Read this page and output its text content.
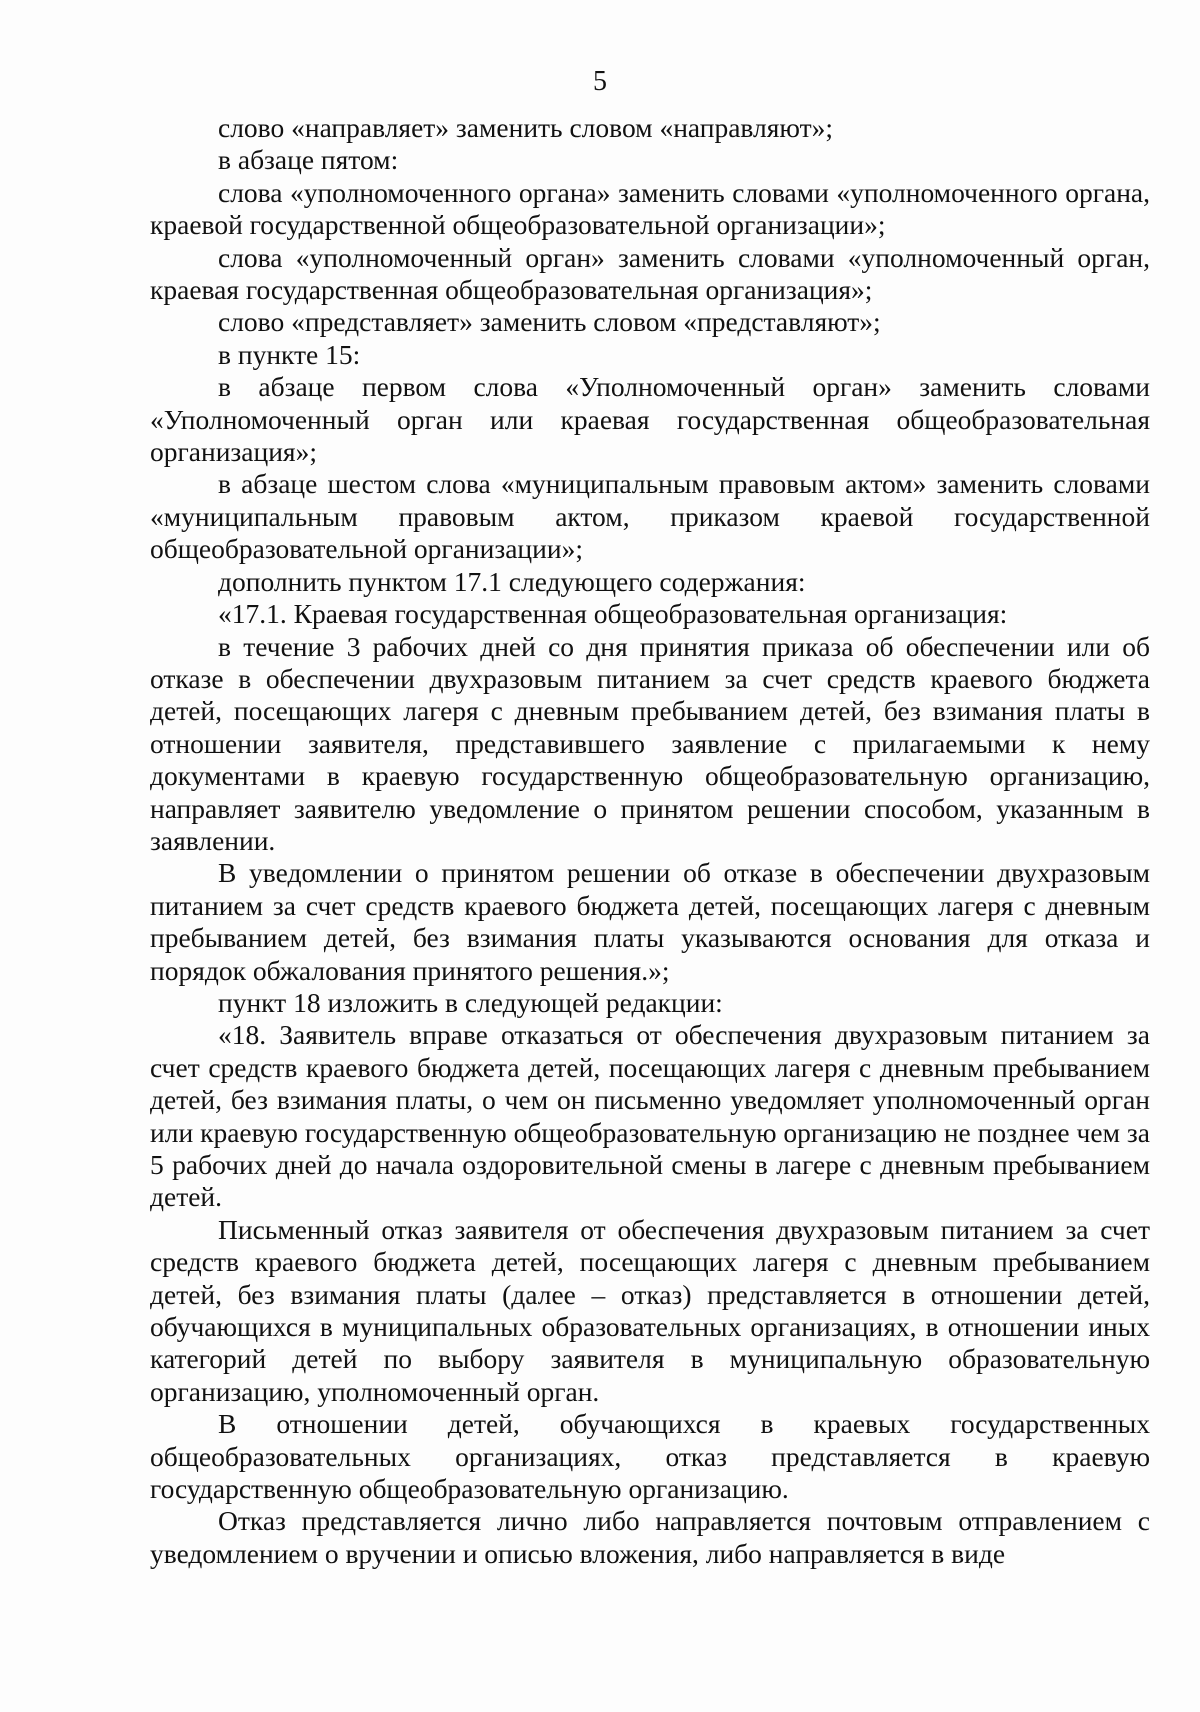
5

слово «направляет» заменить словом «направляют»;

в абзаце пятом:

слова «уполномоченного органа» заменить словами «уполномоченного органа, краевой государственной общеобразовательной организации»;

слова «уполномоченный орган» заменить словами «уполномоченный орган, краевая государственная общеобразовательная организация»;

слово «представляет» заменить словом «представляют»;

в пункте 15:

в абзаце первом слова «Уполномоченный орган» заменить словами «Уполномоченный орган или краевая государственная общеобразовательная организация»;

в абзаце шестом слова «муниципальным правовым актом» заменить словами «муниципальным правовым актом, приказом краевой государственной общеобразовательной организации»;

дополнить пунктом 17.1 следующего содержания:

«17.1. Краевая государственная общеобразовательная организация:

в течение 3 рабочих дней со дня принятия приказа об обеспечении или об отказе в обеспечении двухразовым питанием за счет средств краевого бюджета детей, посещающих лагеря с дневным пребыванием детей, без взимания платы в отношении заявителя, представившего заявление с прилагаемыми к нему документами в краевую государственную общеобразовательную организацию, направляет заявителю уведомление о принятом решении способом, указанным в заявлении.

В уведомлении о принятом решении об отказе в обеспечении двухразовым питанием за счет средств краевого бюджета детей, посещающих лагеря с дневным пребыванием детей, без взимания платы указываются основания для отказа и порядок обжалования принятого решения.»;

пункт 18 изложить в следующей редакции:

«18. Заявитель вправе отказаться от обеспечения двухразовым питанием за счет средств краевого бюджета детей, посещающих лагеря с дневным пребыванием детей, без взимания платы, о чем он письменно уведомляет уполномоченный орган или краевую государственную общеобразовательную организацию не позднее чем за 5 рабочих дней до начала оздоровительной смены в лагере с дневным пребыванием детей.

Письменный отказ заявителя от обеспечения двухразовым питанием за счет средств краевого бюджета детей, посещающих лагеря с дневным пребыванием детей, без взимания платы (далее – отказ) представляется в отношении детей, обучающихся в муниципальных образовательных организациях, в отношении иных категорий детей по выбору заявителя в муниципальную образовательную организацию, уполномоченный орган.

В отношении детей, обучающихся в краевых государственных общеобразовательных организациях, отказ представляется в краевую государственную общеобразовательную организацию.

Отказ представляется лично либо направляется почтовым отправлением с уведомлением о вручении и описью вложения, либо направляется в виде
